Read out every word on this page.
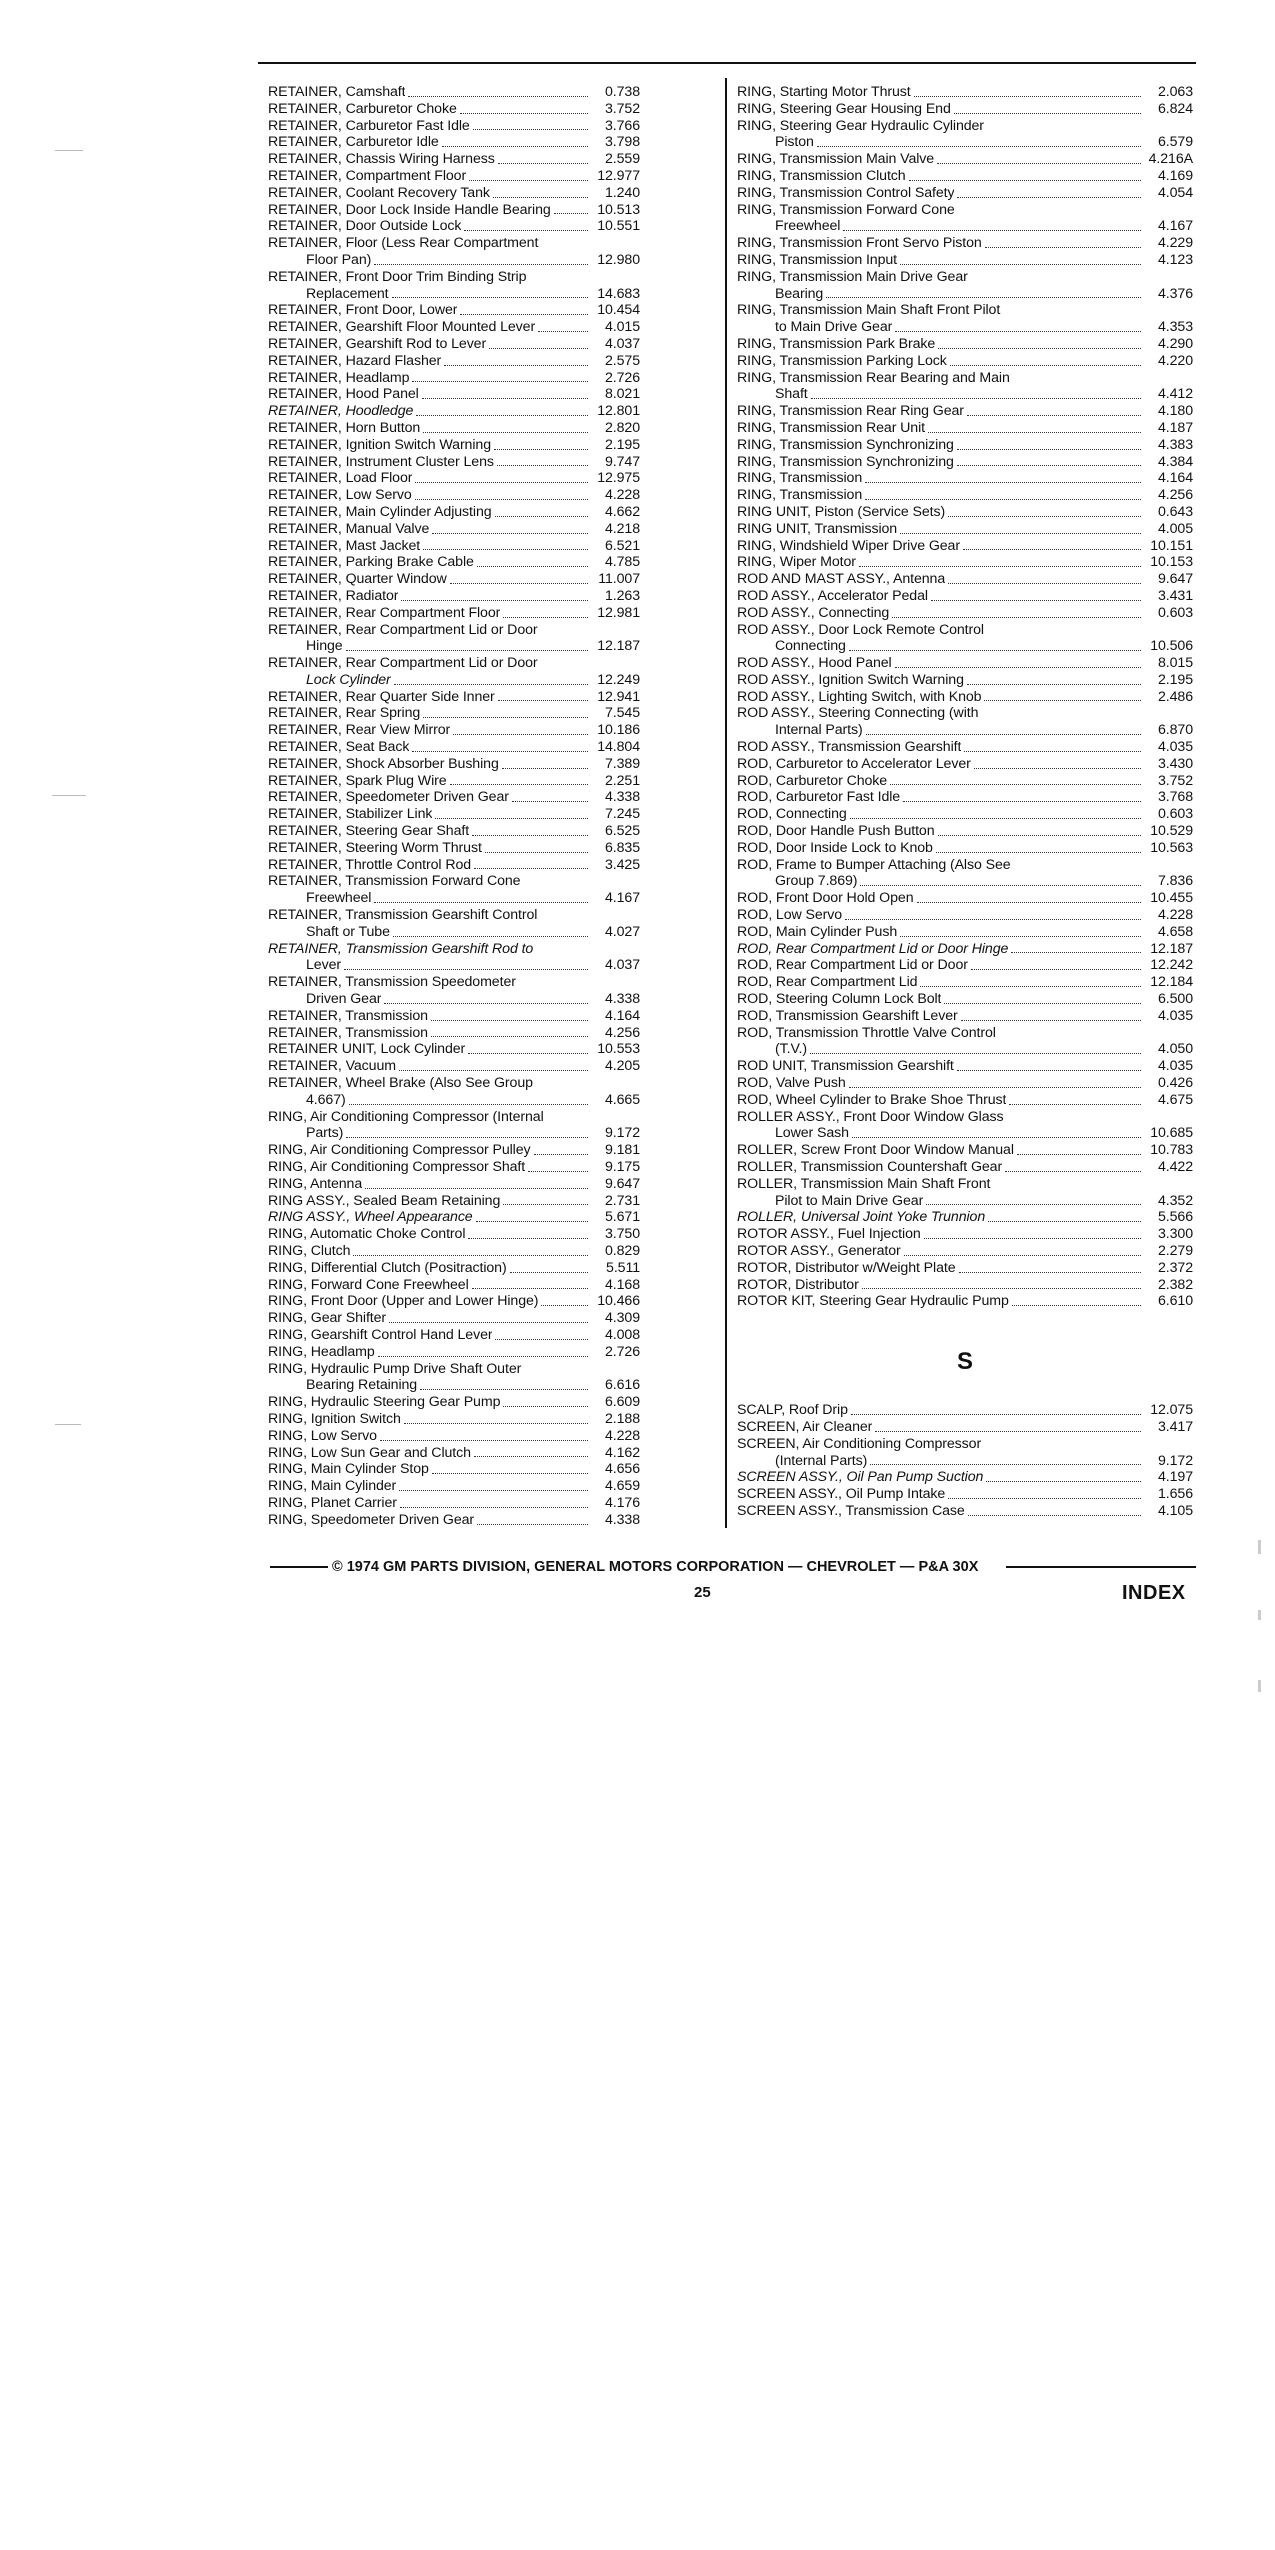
RETAINER, Camshaft	0.738
RETAINER, Carburetor Choke	3.752
RETAINER, Carburetor Fast Idle	3.766
RETAINER, Carburetor Idle	3.798
RETAINER, Chassis Wiring Harness	2.559
RETAINER, Compartment Floor	12.977
RETAINER, Coolant Recovery Tank	1.240
RETAINER, Door Lock Inside Handle Bearing	10.513
RETAINER, Door Outside Lock	10.551
RETAINER, Floor (Less Rear Compartment
Floor Pan)	12.980
RETAINER, Front Door Trim Binding Strip
Replacement	14.683
RETAINER, Front Door, Lower	10.454
RETAINER, Gearshift Floor Mounted Lever	4.015
RETAINER, Gearshift Rod to Lever	4.037
RETAINER, Hazard Flasher	2.575
RETAINER, Headlamp	2.726
RETAINER, Hood Panel	8.021
RETAINER, Hoodledge	12.801
RETAINER, Horn Button	2.820
RETAINER, Ignition Switch Warning	2.195
RETAINER, Instrument Cluster Lens	9.747
RETAINER, Load Floor	12.975
RETAINER, Low Servo	4.228
RETAINER, Main Cylinder Adjusting	4.662
RETAINER, Manual Valve	4.218
RETAINER, Mast Jacket	6.521
RETAINER, Parking Brake Cable	4.785
RETAINER, Quarter Window	11.007
RETAINER, Radiator	1.263
RETAINER, Rear Compartment Floor	12.981
RETAINER, Rear Compartment Lid or Door
Hinge	12.187
RETAINER, Rear Compartment Lid or Door
Lock Cylinder	12.249
RETAINER, Rear Quarter Side Inner	12.941
RETAINER, Rear Spring	7.545
RETAINER, Rear View Mirror	10.186
RETAINER, Seat Back	14.804
RETAINER, Shock Absorber Bushing	7.389
RETAINER, Spark Plug Wire	2.251
RETAINER, Speedometer Driven Gear	4.338
RETAINER, Stabilizer Link	7.245
RETAINER, Steering Gear Shaft	6.525
RETAINER, Steering Worm Thrust	6.835
RETAINER, Throttle Control Rod	3.425
RETAINER, Transmission Forward Cone
Freewheel	4.167
RETAINER, Transmission Gearshift Control
Shaft or Tube	4.027
RETAINER, Transmission Gearshift Rod to
Lever	4.037
RETAINER, Transmission Speedometer
Driven Gear	4.338
RETAINER, Transmission	4.164
RETAINER, Transmission	4.256
RETAINER UNIT, Lock Cylinder	10.553
RETAINER, Vacuum	4.205
RETAINER, Wheel Brake (Also See Group
4.667)	4.665
RING, Air Conditioning Compressor (Internal
Parts)	9.172
RING, Air Conditioning Compressor Pulley	9.181
RING, Air Conditioning Compressor Shaft	9.175
RING, Antenna	9.647
RING ASSY., Sealed Beam Retaining	2.731
RING ASSY., Wheel Appearance	5.671
RING, Automatic Choke Control	3.750
RING, Clutch	0.829
RING, Differential Clutch (Positraction)	5.511
RING, Forward Cone Freewheel	4.168
RING, Front Door (Upper and Lower Hinge)	10.466
RING, Gear Shifter	4.309
RING, Gearshift Control Hand Lever	4.008
RING, Headlamp	2.726
RING, Hydraulic Pump Drive Shaft Outer
Bearing Retaining	6.616
RING, Hydraulic Steering Gear Pump	6.609
RING, Ignition Switch	2.188
RING, Low Servo	4.228
RING, Low Sun Gear and Clutch	4.162
RING, Main Cylinder Stop	4.656
RING, Main Cylinder	4.659
RING, Planet Carrier	4.176
RING, Speedometer Driven Gear	4.338
RING, Starting Motor Thrust	2.063
RING, Steering Gear Housing End	6.824
RING, Steering Gear Hydraulic Cylinder
Piston	6.579
RING, Transmission Main Valve	4.216A
RING, Transmission Clutch	4.169
RING, Transmission Control Safety	4.054
RING, Transmission Forward Cone
Freewheel	4.167
RING, Transmission Front Servo Piston	4.229
RING, Transmission Input	4.123
RING, Transmission Main Drive Gear
Bearing	4.376
RING, Transmission Main Shaft Front Pilot
to Main Drive Gear	4.353
RING, Transmission Park Brake	4.290
RING, Transmission Parking Lock	4.220
RING, Transmission Rear Bearing and Main
Shaft	4.412
RING, Transmission Rear Ring Gear	4.180
RING, Transmission Rear Unit	4.187
RING, Transmission Synchronizing	4.383
RING, Transmission Synchronizing	4.384
RING, Transmission	4.164
RING, Transmission	4.256
RING UNIT, Piston (Service Sets)	0.643
RING UNIT, Transmission	4.005
RING, Windshield Wiper Drive Gear	10.151
RING, Wiper Motor	10.153
ROD AND MAST ASSY., Antenna	9.647
ROD ASSY., Accelerator Pedal	3.431
ROD ASSY., Connecting	0.603
ROD ASSY., Door Lock Remote Control
Connecting	10.506
ROD ASSY., Hood Panel	8.015
ROD ASSY., Ignition Switch Warning	2.195
ROD ASSY., Lighting Switch, with Knob	2.486
ROD ASSY., Steering Connecting (with
Internal Parts)	6.870
ROD ASSY., Transmission Gearshift	4.035
ROD, Carburetor to Accelerator Lever	3.430
ROD, Carburetor Choke	3.752
ROD, Carburetor Fast Idle	3.768
ROD, Connecting	0.603
ROD, Door Handle Push Button	10.529
ROD, Door Inside Lock to Knob	10.563
ROD, Frame to Bumper Attaching (Also See
Group 7.869)	7.836
ROD, Front Door Hold Open	10.455
ROD, Low Servo	4.228
ROD, Main Cylinder Push	4.658
ROD, Rear Compartment Lid or Door Hinge	12.187
ROD, Rear Compartment Lid or Door	12.242
ROD, Rear Compartment Lid	12.184
ROD, Steering Column Lock Bolt	6.500
ROD, Transmission Gearshift Lever	4.035
ROD, Transmission Throttle Valve Control
(T.V.)	4.050
ROD UNIT, Transmission Gearshift	4.035
ROD, Valve Push	0.426
ROD, Wheel Cylinder to Brake Shoe Thrust	4.675
ROLLER ASSY., Front Door Window Glass
Lower Sash	10.685
ROLLER, Screw Front Door Window Manual	10.783
ROLLER, Transmission Countershaft Gear	4.422
ROLLER, Transmission Main Shaft Front
Pilot to Main Drive Gear	4.352
ROLLER, Universal Joint Yoke Trunnion	5.566
ROTOR ASSY., Fuel Injection	3.300
ROTOR ASSY., Generator	2.279
ROTOR, Distributor w/Weight Plate	2.372
ROTOR, Distributor	2.382
ROTOR KIT, Steering Gear Hydraulic Pump	6.610
S
SCALP, Roof Drip	12.075
SCREEN, Air Cleaner	3.417
SCREEN, Air Conditioning Compressor
(Internal Parts)	9.172
SCREEN ASSY., Oil Pan Pump Suction	4.197
SCREEN ASSY., Oil Pump Intake	1.656
SCREEN ASSY., Transmission Case	4.105
© 1974 GM PARTS DIVISION, GENERAL MOTORS CORPORATION — CHEVROLET — P&A 30X
25	INDEX
